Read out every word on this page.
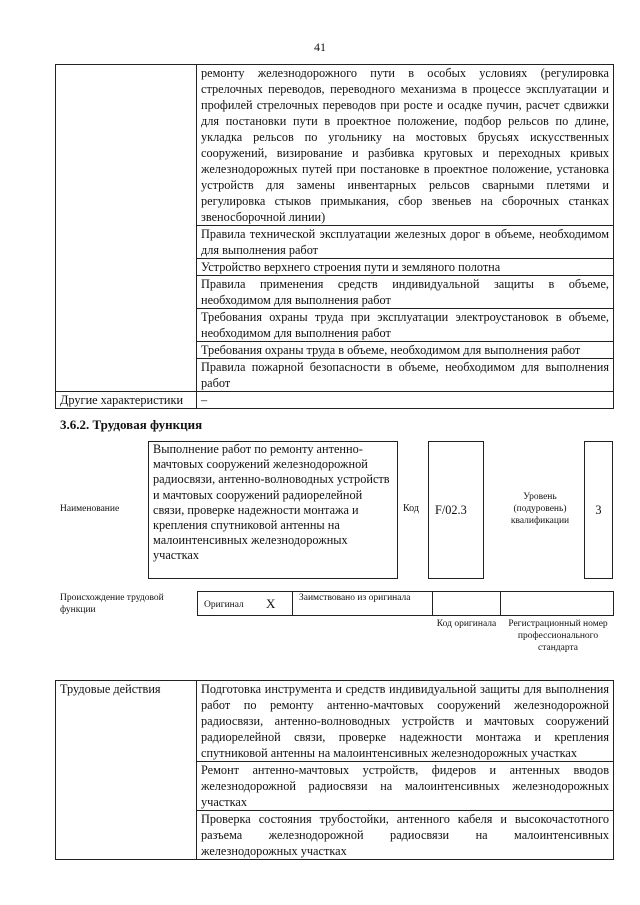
41
	ремонту железнодорожного пути в особых условиях (регулировка стрелочных переводов, переводного механизма в процессе эксплуатации и профилей стрелочных переводов при росте и осадке пучин, расчет сдвижки для постановки пути в проектное положение, подбор рельсов по длине, укладка рельсов по угольнику на мостовых брусьях искусственных сооружений, визирование и разбивка круговых и переходных кривых железнодорожных путей при постановке в проектное положение, установка устройств для замены инвентарных рельсов сварными плетями и регулировка стыков примыкания, сбор звеньев на сборочных станках звеносборочной линии)
	Правила технической эксплуатации железных дорог в объеме, необходимом для выполнения работ
	Устройство верхнего строения пути и земляного полотна
	Правила применения средств индивидуальной защиты в объеме, необходимом для выполнения работ
	Требования охраны труда при эксплуатации электроустановок в объеме, необходимом для выполнения работ
	Требования охраны труда в объеме, необходимом для выполнения работ
	Правила пожарной безопасности в объеме, необходимом для выполнения работ
Другие характеристики	–
3.6.2. Трудовая функция
Наименование
Выполнение работ по ремонту антенно-мачтовых сооружений железнодорожной радиосвязи, антенно-волноводных устройств и мачтовых сооружений радиорелейной связи, проверке надежности монтажа и крепления спутниковой антенны на малоинтенсивных железнодорожных участках
Код	F/02.3
Уровень (подуровень) квалификации
3
Происхождение трудовой функции	Оригинал X	Заимствовано из оригинала
Код оригинала	Регистрационный номер профессионального стандарта
Трудовые действия	Подготовка инструмента и средств индивидуальной защиты для выполнения работ по ремонту антенно-мачтовых сооружений железнодорожной радиосвязи, антенно-волноводных устройств и мачтовых сооружений радиорелейной связи, проверке надежности монтажа и крепления спутниковой антенны на малоинтенсивных железнодорожных участках
Ремонт антенно-мачтовых устройств, фидеров и антенных вводов железнодорожной радиосвязи на малоинтенсивных железнодорожных участках
Проверка состояния трубостойки, антенного кабеля и высокочастотного разъема железнодорожной радиосвязи на малоинтенсивных железнодорожных участках
